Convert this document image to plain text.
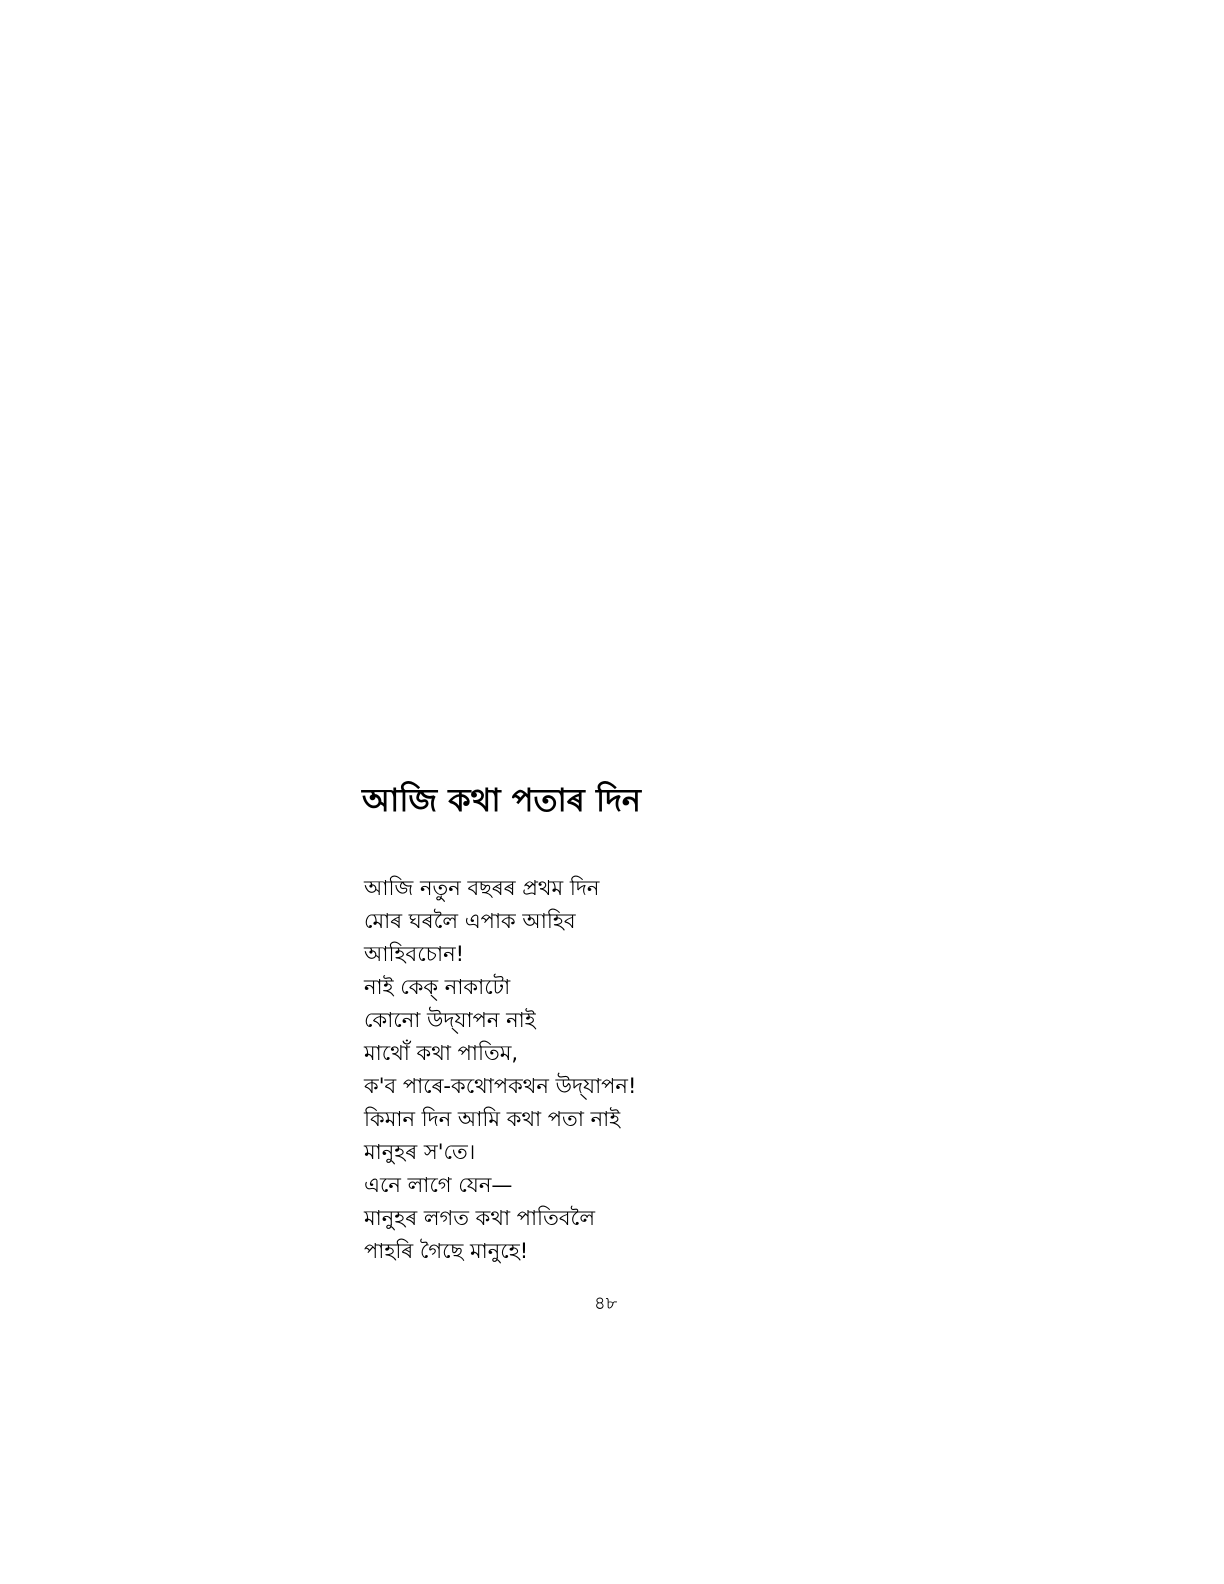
আজি কথা পতাৰ দিন
আজি নতুন বছৰৰ প্ৰথম দিন
মোৰ ঘৰলৈ এপাক আহিব
আহিবচোন!
নাই কেক্ নাকাটো
কোনো উদ্‌যাপন নাই
মাথোঁ কথা পাতিম,
ক'ব পাৰে-কথোপকথন উদ্‌যাপন!
কিমান দিন আমি কথা পতা নাই
মানুহৰ স'তে।
এনে লাগে যেন—
মানুহৰ লগত কথা পাতিবলৈ
পাহৰি গৈছে মানুহে!
৪৮
